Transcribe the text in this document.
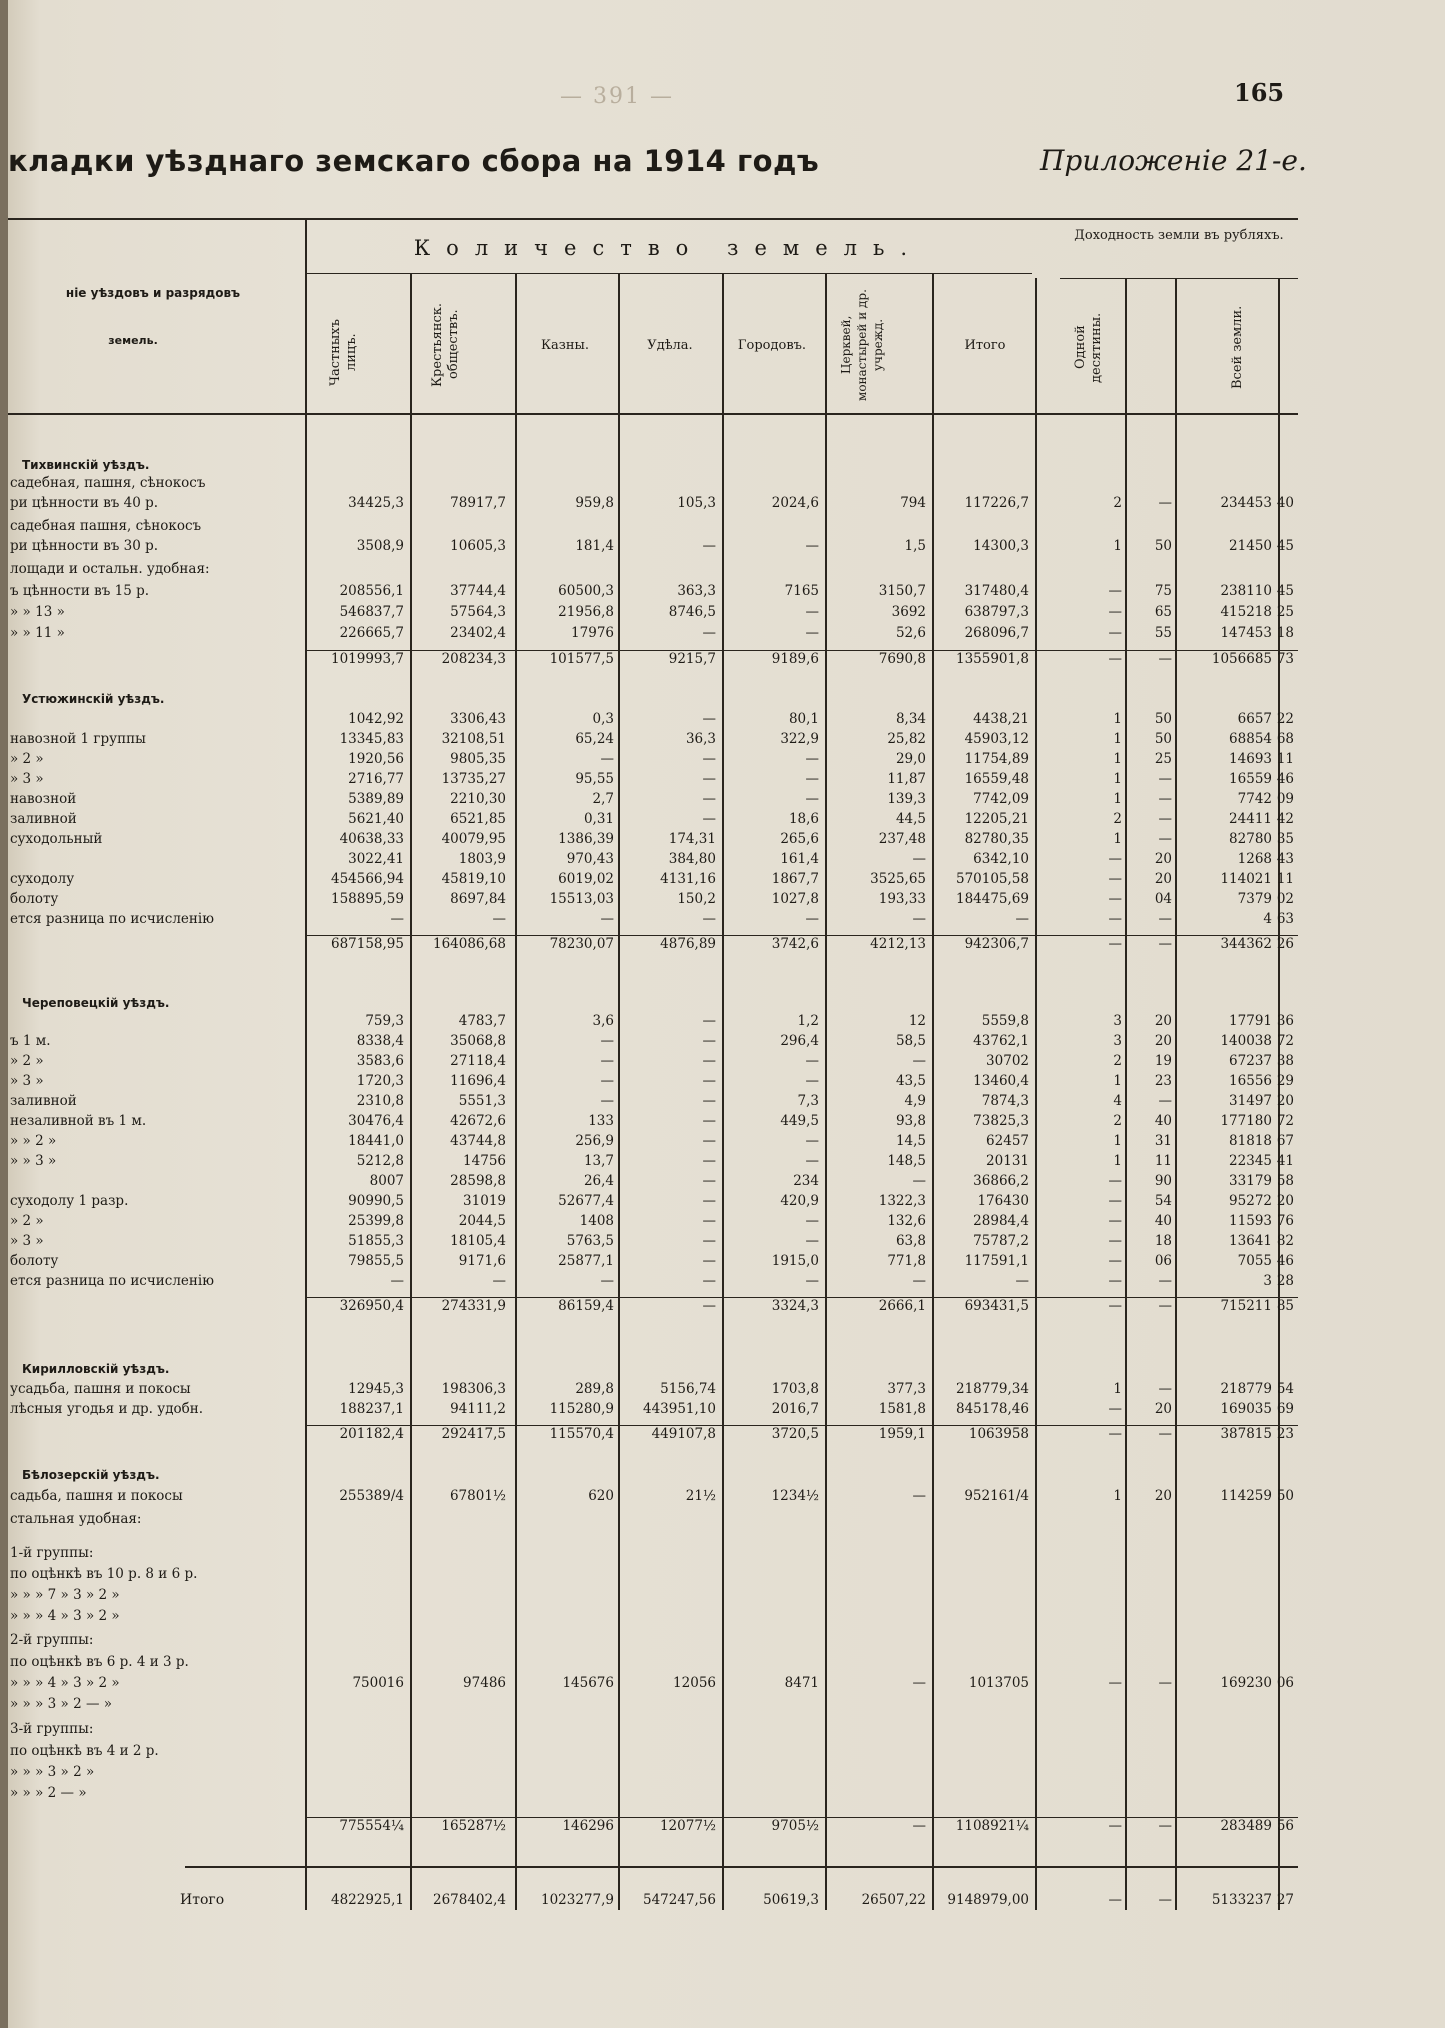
— 391 —	165
кладки уѣзднаго земскаго сбора на 1914 годъ	Приложеніе 21-е.
ніе уѣздовъ и разрядовъ
земель.
Количество земель.
Доходность земли въ рубляхъ.
Частныхъ лицъ.	Крестьянск. обществъ.	Казны.	Удѣла.	Городовъ.	Церквей, монастырей и др. учрежд.	Итого	Одной десятины.	Всей земли.
Тихвинскій уѣздъ.
Устюжинскій уѣздъ.
Череповецкій уѣздъ.
Кирилловскій уѣздъ.
Бѣлозерскій уѣздъ.
садебная, пашня, сѣнокосъ
ри цѣнности въ 40 р.	34425,3	78917,7	959,8	105,3	2024,6	794	117226,7	2	—	234453 40
садебная пашня, сѣнокосъ
ри цѣнности въ 30 р.	3508,9	10605,3	181,4	—	—	1,5	14300,3	1	50	21450 45
лощади и остальн. удобная:
ъ цѣнности въ 15 р.	208556,1	37744,4	60500,3	363,3	7165	3150,7	317480,4	—	75	238110 45
» » 13 »	546837,7	57564,3	21956,8	8746,5	—	3692	638797,3	—	65	415218 25
» » 11 »	226665,7	23402,4	17976	—	—	52,6	268096,7	—	55	147453 18
1019993,7	208234,3	101577,5	9215,7	9189,6	7690,8	1355901,8	—	—	1056685 73
1042,92	3306,43	0,3	—	80,1	8,34	4438,21	1	50	6657 22
навозной 1 группы	13345,83	32108,51	65,24	36,3	322,9	25,82	45903,12	1	50	68854 68
» 2 »	1920,56	9805,35	—	—	—	29,0	11754,89	1	25	14693 11
» 3 »	2716,77	13735,27	95,55	—	—	11,87	16559,48	1	—	16559 46
навозной	5389,89	2210,30	2,7	—	—	139,3	7742,09	1	—	7742 09
заливной	5621,40	6521,85	0,31	—	18,6	44,5	12205,21	2	—	24411 42
суходольный	40638,33	40079,95	1386,39	174,31	265,6	237,48	82780,35	1	—	82780 35
3022,41	1803,9	970,43	384,80	161,4	—	6342,10	—	20	1268 43
суходолу	454566,94	45819,10	6019,02	4131,16	1867,7	3525,65	570105,58	—	20	114021 11
болоту	158895,59	8697,84	15513,03	150,2	1027,8	193,33	184475,69	—	04	7379 02
ется разница по исчисленію	—	—	—	—	—	—	—	—	—	4 63
687158,95	164086,68	78230,07	4876,89	3742,6	4212,13	942306,7	—	—	344362 26
759,3	4783,7	3,6	—	1,2	12	5559,8	3	20	17791 36
ъ 1 м.	8338,4	35068,8	—	—	296,4	58,5	43762,1	3	20	140038 72
» 2 »	3583,6	27118,4	—	—	—	—	30702	2	19	67237 38
» 3 »	1720,3	11696,4	—	—	—	43,5	13460,4	1	23	16556 29
заливной	2310,8	5551,3	—	—	7,3	4,9	7874,3	4	—	31497 20
незаливной въ 1 м.	30476,4	42672,6	133	—	449,5	93,8	73825,3	2	40	177180 72
» » 2 »	18441,0	43744,8	256,9	—	—	14,5	62457	1	31	81818 67
» » 3 »	5212,8	14756	13,7	—	—	148,5	20131	1	11	22345 41
8007	28598,8	26,4	—	234	—	36866,2	—	90	33179 58
суходолу 1 разр.	90990,5	31019	52677,4	—	420,9	1322,3	176430	—	54	95272 20
» 2 »	25399,8	2044,5	1408	—	—	132,6	28984,4	—	40	11593 76
» 3 »	51855,3	18105,4	5763,5	—	—	63,8	75787,2	—	18	13641 82
болоту	79855,5	9171,6	25877,1	—	1915,0	771,8	117591,1	—	06	7055 46
ется разница по исчисленію	—	—	—	—	—	—	—	—	—	3 28
326950,4	274331,9	86159,4	—	3324,3	2666,1	693431,5	—	—	715211 85
усадьба, пашня и покосы	12945,3	198306,3	289,8	5156,74	1703,8	377,3	218779,34	1	—	218779 54
лѣсныя угодья и др. удобн.	188237,1	94111,2	115280,9	443951,10	2016,7	1581,8	845178,46	—	20	169035 69
201182,4	292417,5	115570,4	449107,8	3720,5	1959,1	1063958	—	—	387815 23
садьба, пашня и покосы	255389/4	67801½	620	21½	1234½	—	952161/4	1	20	114259 50
стальная удобная:
1-й группы:
по оцѣнкѣ въ 10 р. 8 и 6 р.
» » » 7 » 3 » 2 »
» » » 4 » 3 » 2 »
2-й группы:
по оцѣнкѣ въ 6 р. 4 и 3 р.
» » » 4 » 3 » 2 »	750016	97486	145676	12056	8471	—	1013705	—	—	169230 06
» » » 3 » 2 — »
3-й группы:
по оцѣнкѣ въ 4 и 2 р.
» » » 3 » 2 »
» » » 2 — »
775554¼	165287½	146296	12077½	9705½	—	1108921¼	—	—	283489 56
Итого	4822925,1	2678402,4	1023277,9	547247,56	50619,3	26507,22	9148979,00	—	—	5133237 27
